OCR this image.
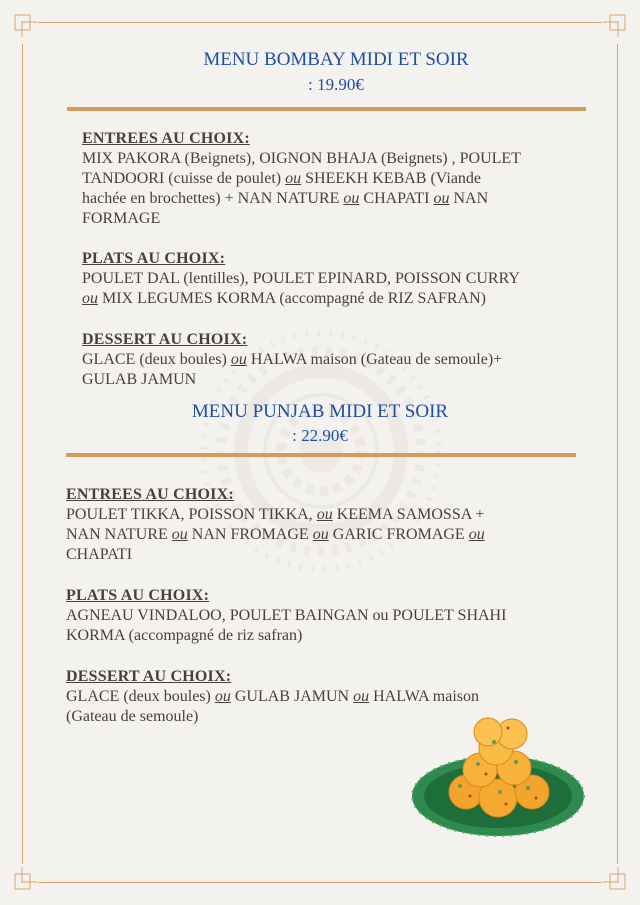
MENU BOMBAY MIDI ET SOIR
: 19.90€
ENTREES AU CHOIX:
MIX PAKORA (Beignets), OIGNON BHAJA (Beignets) , POULET
TANDOORI (cuisse de poulet) ou SHEEKH KEBAB (Viande
hachée en brochettes) + NAN NATURE ou CHAPATI ou NAN
FORMAGE
PLATS AU CHOIX:
POULET DAL (lentilles), POULET EPINARD, POISSON CURRY
ou MIX LEGUMES KORMA (accompagné de RIZ SAFRAN)
DESSERT AU CHOIX:
GLACE (deux boules) ou HALWA maison (Gateau de semoule)+
GULAB JAMUN
MENU PUNJAB MIDI ET SOIR
: 22.90€
ENTREES AU CHOIX:
POULET TIKKA, POISSON TIKKA, ou KEEMA SAMOSSA +
NAN NATURE ou NAN FROMAGE ou GARIC FROMAGE ou
CHAPATI
PLATS AU CHOIX:
AGNEAU VINDALOO, POULET BAINGAN ou POULET SHAHI
KORMA (accompagné de riz safran)
DESSERT AU CHOIX:
GLACE (deux boules) ou GULAB JAMUN ou HALWA maison
(Gateau de semoule)
